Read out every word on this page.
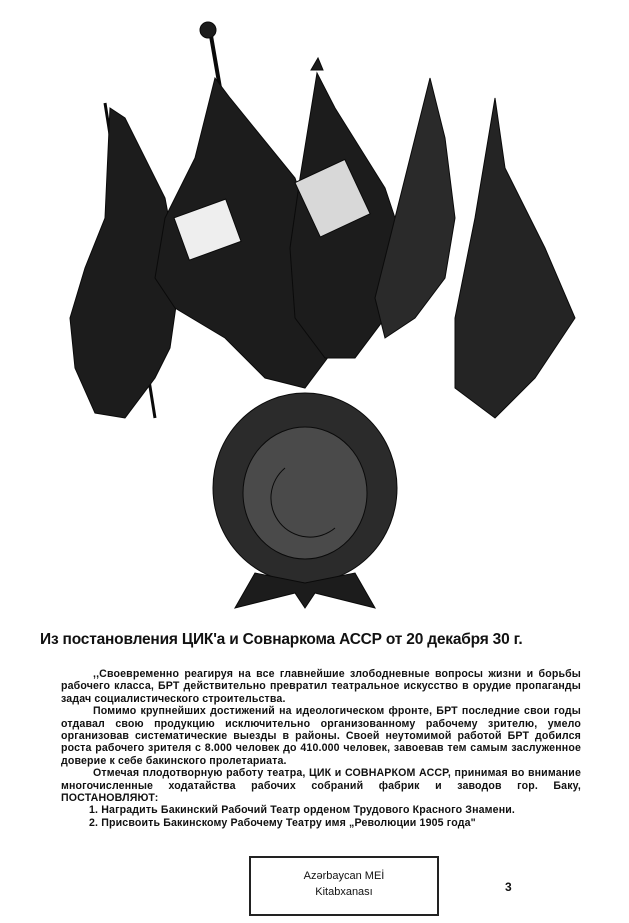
Из постановления ЦИК'а и Совнаркома АССР от 20 декабря 30 г.

,,Своевременно реагируя на все главнейшие злободневные вопросы жизни и борьбы рабочего класса, БРТ действительно превратил театральное искусство в орудие пропаганды задач социалистического строительства.

Помимо крупнейших достижений на идеологическом фронте, БРТ последние свои годы отдавал свою продукцию исключительно организованному рабочему зрителю, умело организовав систематические выезды в районы. Своей неутомимой работой БРТ добился роста рабочего зрителя с 8.000 человек до 410.000 человек, завоевав тем самым заслуженное доверие к себе бакинского пролетариата.

Отмечая плодотворную работу театра, ЦИК и СОВНАРКОМ АССР, принимая во внимание многочисленные ходатайства рабочих собраний фабрик и заводов гор. Баку, ПОСТАНОВЛЯЮТ:

1. Наградить Бакинский Рабочий Театр орденом Трудового Красного Знамени.

2. Присвоить Бакинскому Рабочему Театру имя „Революции 1905 года"

Azərbaycan MEİ
Kitabxanası	3
